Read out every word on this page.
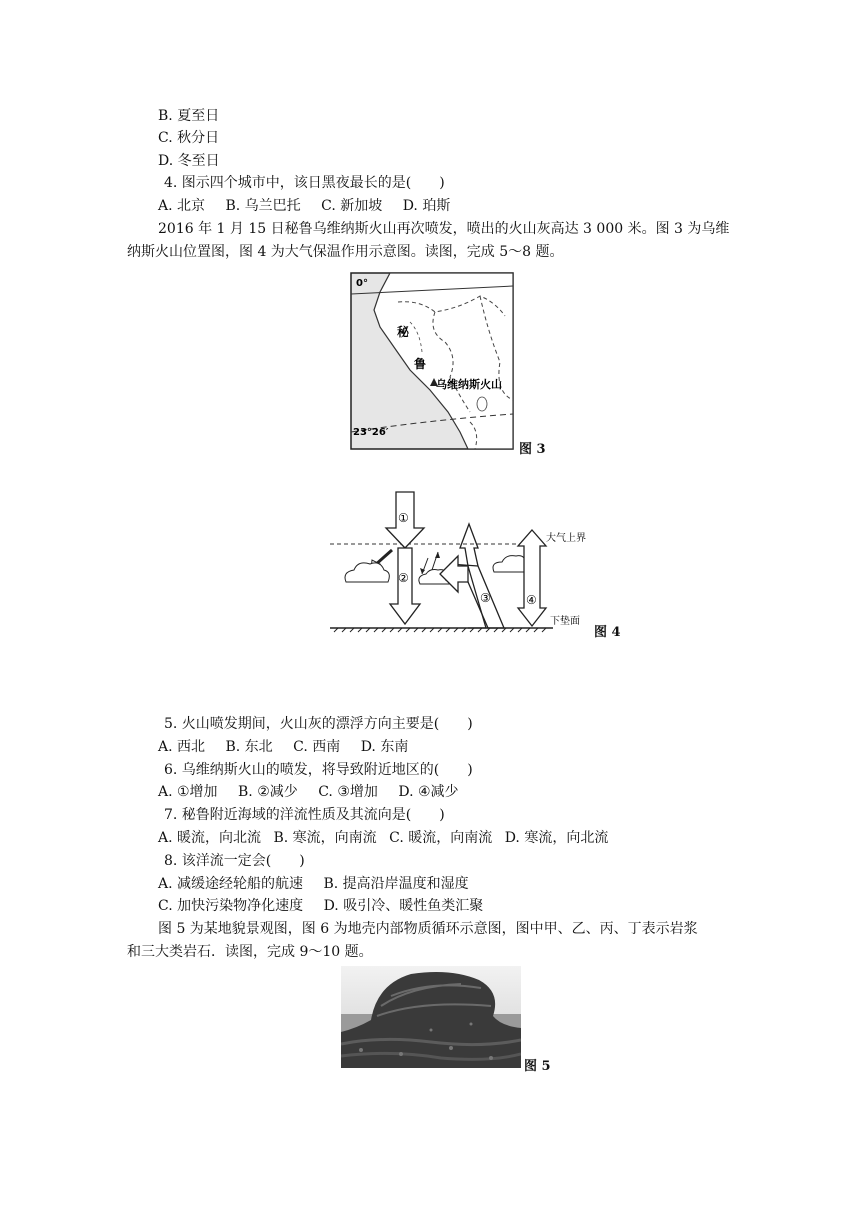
B. 夏至日
C. 秋分日
D. 冬至日
4. 图示四个城市中，该日黑夜最长的是(　　)
A. 北京 B. 乌兰巴托 C. 新加坡 D. 珀斯
2016 年 1 月 15 日秘鲁乌维纳斯火山再次喷发，喷出的火山灰高达 3 000 米。图 3 为乌维
纳斯火山位置图，图 4 为大气保温作用示意图。读图，完成 5～8 题。
0°
秘
鲁
乌维纳斯火山
23°26′
图 3
①
②
③	④
大气上界
下垫面
图 4
5. 火山喷发期间，火山灰的漂浮方向主要是(　　)
A. 西北 B. 东北 C. 西南 D. 东南
6. 乌维纳斯火山的喷发，将导致附近地区的(　　)
A. ①增加 B. ②减少 C. ③增加 D. ④减少
7. 秘鲁附近海域的洋流性质及其流向是(　　)
A. 暖流，向北流 B. 寒流，向南流 C. 暖流，向南流 D. 寒流，向北流
8. 该洋流一定会(　　)
A. 减缓途经轮船的航速 B. 提高沿岸温度和湿度
C. 加快污染物净化速度 D. 吸引冷、暖性鱼类汇聚
图 5 为某地貌景观图，图 6 为地壳内部物质循环示意图，图中甲、乙、丙、丁表示岩浆
和三大类岩石．读图，完成 9～10 题。
图 5
